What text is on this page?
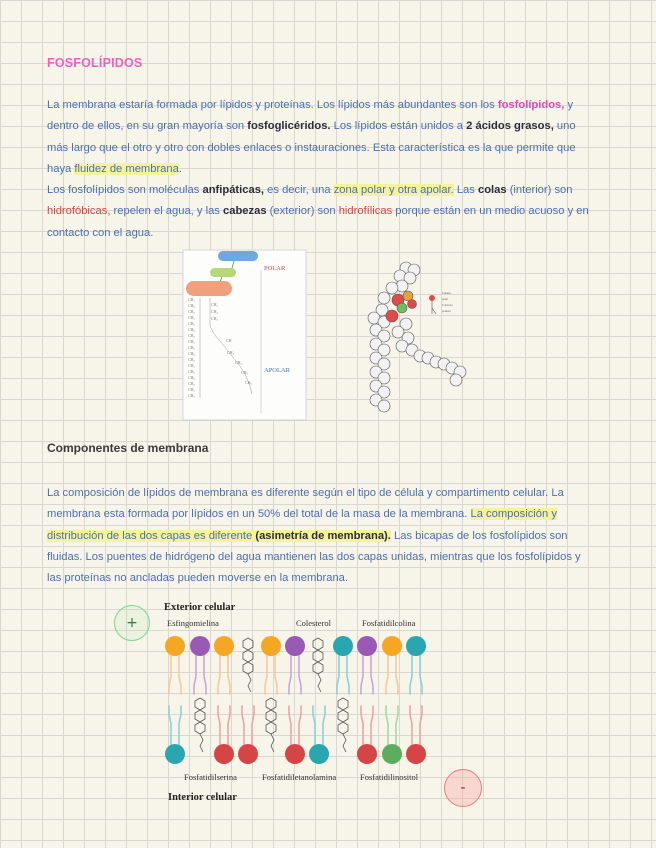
FOSFOLÍPIDOS

La membrana estaría formada por lípidos y proteínas. Los lípidos más abundantes son los fosfolípidos, y dentro de ellos, en su gran mayoría son fosfoglicéridos. Los lípidos están unidos a 2 ácidos grasos, uno más largo que el otro y otro con dobles enlaces o instauraciones. Esta característica es la que permite que haya fluidez de membrana.

Los fosfolípidos son moléculas anfipáticas, es decir, una zona polar y otra apolar. Las colas (interior) son hidrofóbicas, repelen el agua, y las cabezas (exterior) son hidrofílicas porque están en un medio acuoso y en contacto con el agua.

CH₂
CH₂
CH₂
CH₂
CH₂
CH₂
CH₂
CH₂
CH₂
CH₂
CH₂
CH₂
CH₂
CH₂
CH₂
CH₂
CH₃
CH₂
CH₂
CH₂
CH
CH₂
CH₂
CH₂
CH₂
POLAR
APOLAR
Cabeza
polar
Colas no
polares
Componentes de membrana

La composición de lípidos de membrana es diferente según el tipo de célula y compartimento celular. La membrana esta formada por lípidos en un 50% del total de la masa de la membrana. La composición y distribución de las dos capas es diferente (asimetría de membrana). Las bicapas de los fosfolípidos son fluidas. Los puentes de hidrógeno del agua mantienen las dos capas unidas, mientras que los fosfolípidos y las proteínas no ancladas pueden moverse en la membrana.

Exterior celular
Esfingomielina	Colesterol	Fosfatidilcolina
Fosfatidilserina	Fosfatidiletanolamina	Fosfatidilinositol
Interior celular
+
-
